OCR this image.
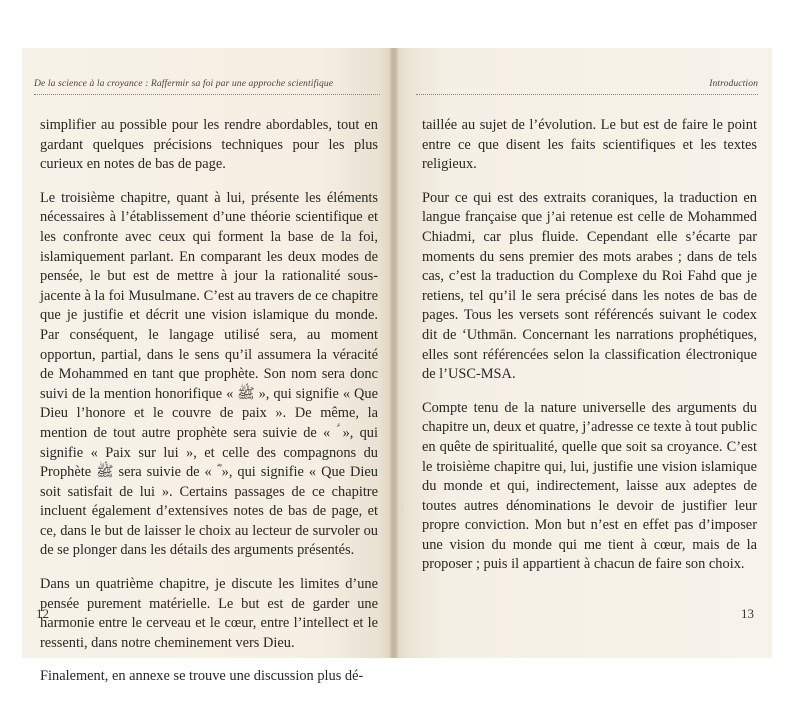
De la science à la croyance : Raffermir sa foi par une approche scientifique

simplifier au possible pour les rendre abordables, tout en gardant quelques précisions techniques pour les plus curieux en notes de bas de page.

Le troisième chapitre, quant à lui, présente les éléments nécessaires à l’établissement d’une théorie scientifique et les confronte avec ceux qui forment la base de la foi, islamiquement parlant. En comparant les deux modes de pensée, le but est de mettre à jour la rationalité sous-jacente à la foi Musulmane. C’est au travers de ce chapitre que je justifie et décrit une vision islamique du monde. Par conséquent, le langage utilisé sera, au moment opportun, partial, dans le sens qu’il assumera la véracité de Mohammed en tant que prophète. Son nom sera donc suivi de la mention honorifique « ﷺ », qui signifie « Que Dieu l’honore et le couvre de paix ». De même, la mention de tout autre prophète sera suivie de « ؑ », qui signifie « Paix sur lui », et celle des compagnons du Prophète ﷺ sera suivie de « ؓ », qui signifie « Que Dieu soit satisfait de lui ». Certains passages de ce chapitre incluent également d’extensives notes de bas de page, et ce, dans le but de laisser le choix au lecteur de survoler ou de se plonger dans les détails des arguments présentés.

Dans un quatrième chapitre, je discute les limites d’une pensée purement matérielle. Le but est de garder une harmonie entre le cerveau et le cœur, entre l’intellect et le ressenti, dans notre cheminement vers Dieu.

Finalement, en annexe se trouve une discussion plus dé-

12
Introduction

taillée au sujet de l’évolution. Le but est de faire le point entre ce que disent les faits scientifiques et les textes religieux.

Pour ce qui est des extraits coraniques, la traduction en langue française que j’ai retenue est celle de Mohammed Chiadmi, car plus fluide. Cependant elle s’écarte par moments du sens premier des mots arabes ; dans de tels cas, c’est la traduction du Complexe du Roi Fahd que je retiens, tel qu’il le sera précisé dans les notes de bas de pages. Tous les versets sont référencés suivant le codex dit de ‘Uthmān. Concernant les narrations prophétiques, elles sont référencées selon la classification électronique de l’USC-MSA.

Compte tenu de la nature universelle des arguments du chapitre un, deux et quatre, j’adresse ce texte à tout public en quête de spiritualité, quelle que soit sa croyance. C’est le troisième chapitre qui, lui, justifie une vision islamique du monde et qui, indirectement, laisse aux adeptes de toutes autres dénominations le devoir de justifier leur propre conviction. Mon but n’est en effet pas d’imposer une vision du monde qui me tient à cœur, mais de la proposer ; puis il appartient à chacun de faire son choix.

13
